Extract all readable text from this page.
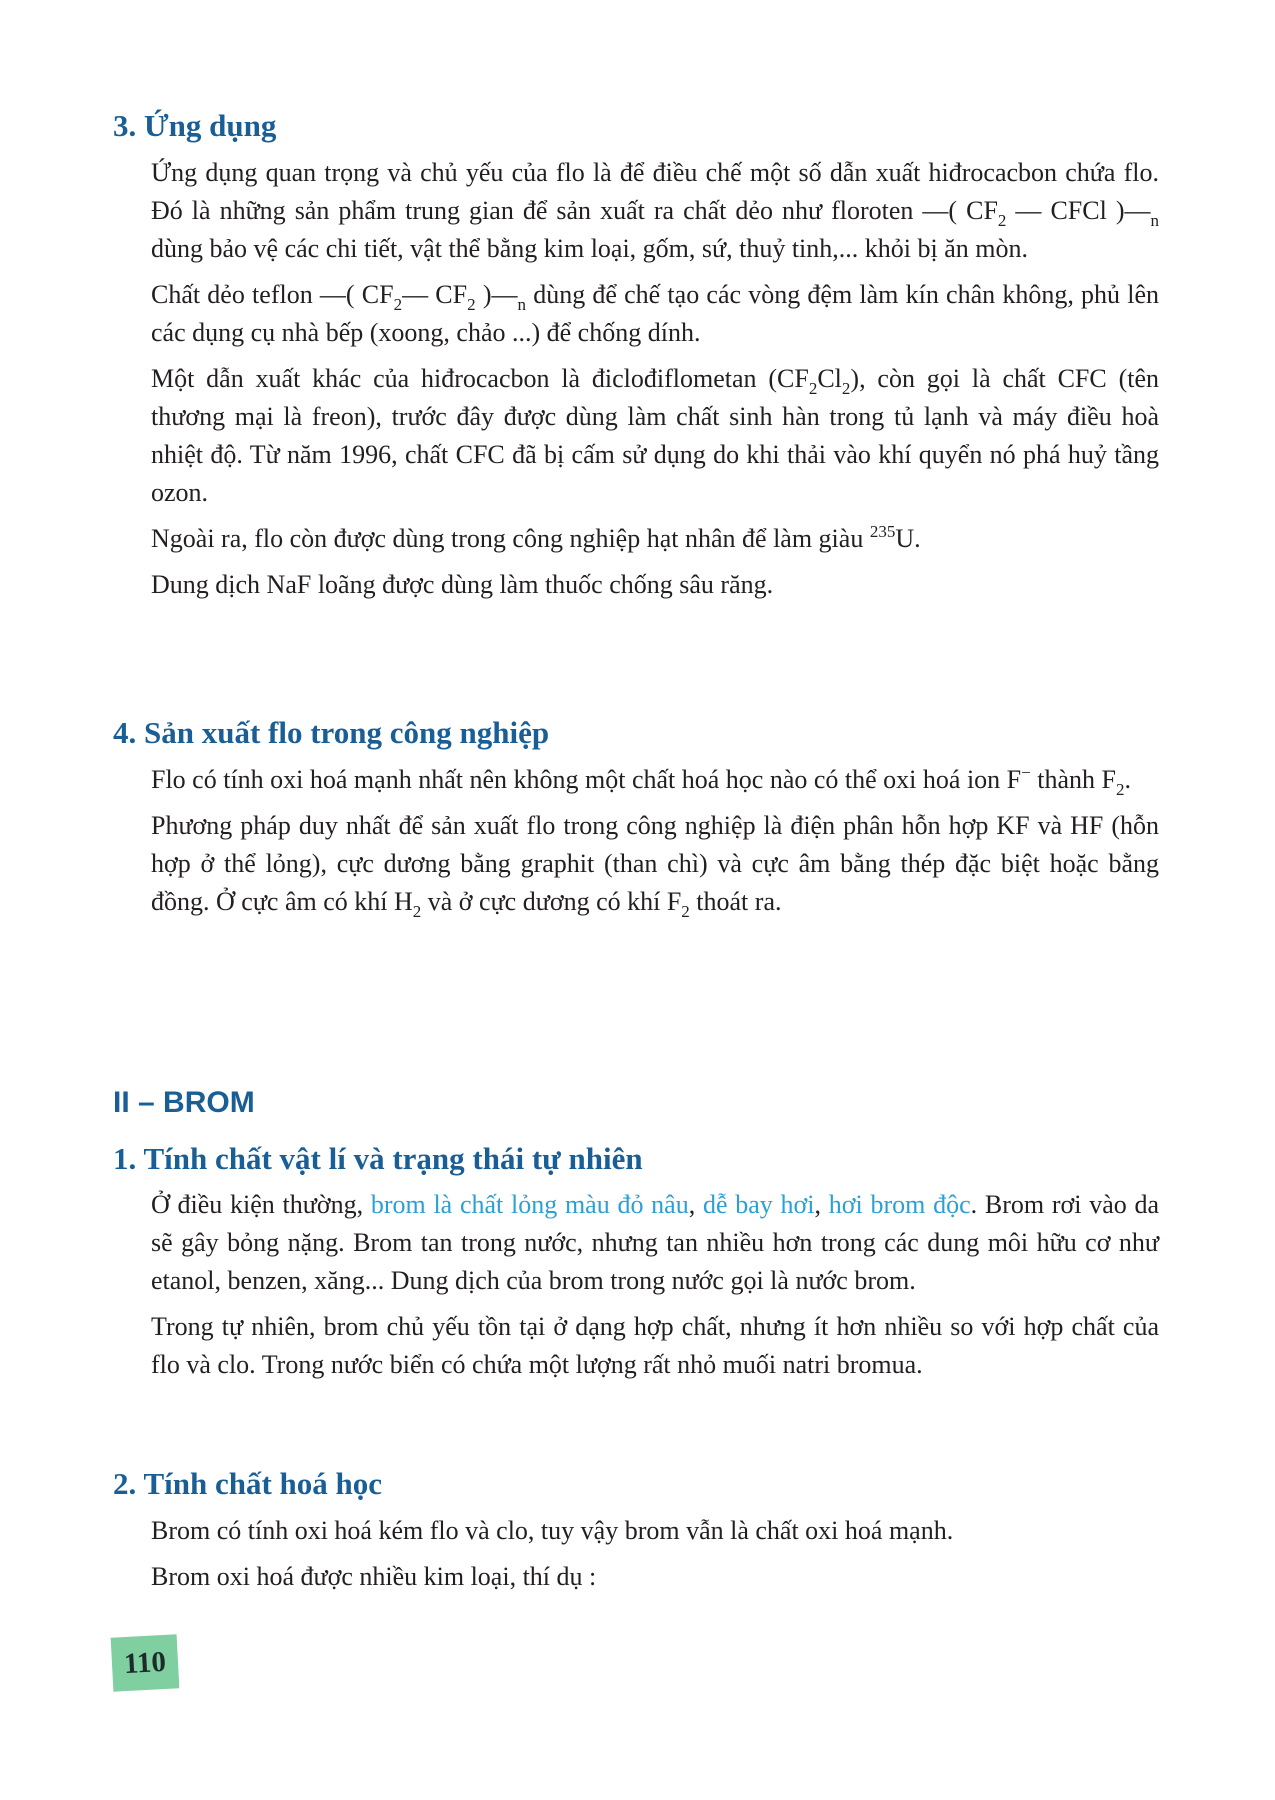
3. Ứng dụng

Ứng dụng quan trọng và chủ yếu của flo là để điều chế một số dẫn xuất hiđrocacbon chứa flo. Đó là những sản phẩm trung gian để sản xuất ra chất dẻo như floroten —( $CF_2$ — CFCl )$—_n$ dùng bảo vệ các chi tiết, vật thể bằng kim loại, gốm, sứ, thuỷ tinh,... khỏi bị ăn mòn.

Chất dẻo teflon —( $CF_2—$ $CF_2$ )$—_n$ dùng để chế tạo các vòng đệm làm kín chân không, phủ lên các dụng cụ nhà bếp (xoong, chảo ...) để chống dính.

Một dẫn xuất khác của hiđrocacbon là điclođiflometan $(CF_2Cl_2)$, còn gọi là chất CFC (tên thương mại là freon), trước đây được dùng làm chất sinh hàn trong tủ lạnh và máy điều hoà nhiệt độ. Từ năm 1996, chất CFC đã bị cấm sử dụng do khi thải vào khí quyển nó phá huỷ tầng ozon.

Ngoài ra, flo còn được dùng trong công nghiệp hạt nhân để làm giàu $^{235}$U.

Dung dịch NaF loãng được dùng làm thuốc chống sâu răng.

4. Sản xuất flo trong công nghiệp

Flo có tính oxi hoá mạnh nhất nên không một chất hoá học nào có thể oxi hoá ion F− thành $F_2$.

Phương pháp duy nhất để sản xuất flo trong công nghiệp là điện phân hỗn hợp KF và HF (hỗn hợp ở thể lỏng), cực dương bằng graphit (than chì) và cực âm bằng thép đặc biệt hoặc bằng đồng. Ở cực âm có khí $H_2$ và ở cực dương có khí $F_2$ thoát ra.

II – BROM
1. Tính chất vật lí và trạng thái tự nhiên

Ở điều kiện thường, brom là chất lỏng màu đỏ nâu, dễ bay hơi, hơi brom độc. Brom rơi vào da sẽ gây bỏng nặng. Brom tan trong nước, nhưng tan nhiều hơn trong các dung môi hữu cơ như etanol, benzen, xăng... Dung dịch của brom trong nước gọi là nước brom.

Trong tự nhiên, brom chủ yếu tồn tại ở dạng hợp chất, nhưng ít hơn nhiều so với hợp chất của flo và clo. Trong nước biển có chứa một lượng rất nhỏ muối natri bromua.

2. Tính chất hoá học

Brom có tính oxi hoá kém flo và clo, tuy vậy brom vẫn là chất oxi hoá mạnh.

Brom oxi hoá được nhiều kim loại, thí dụ :

110
